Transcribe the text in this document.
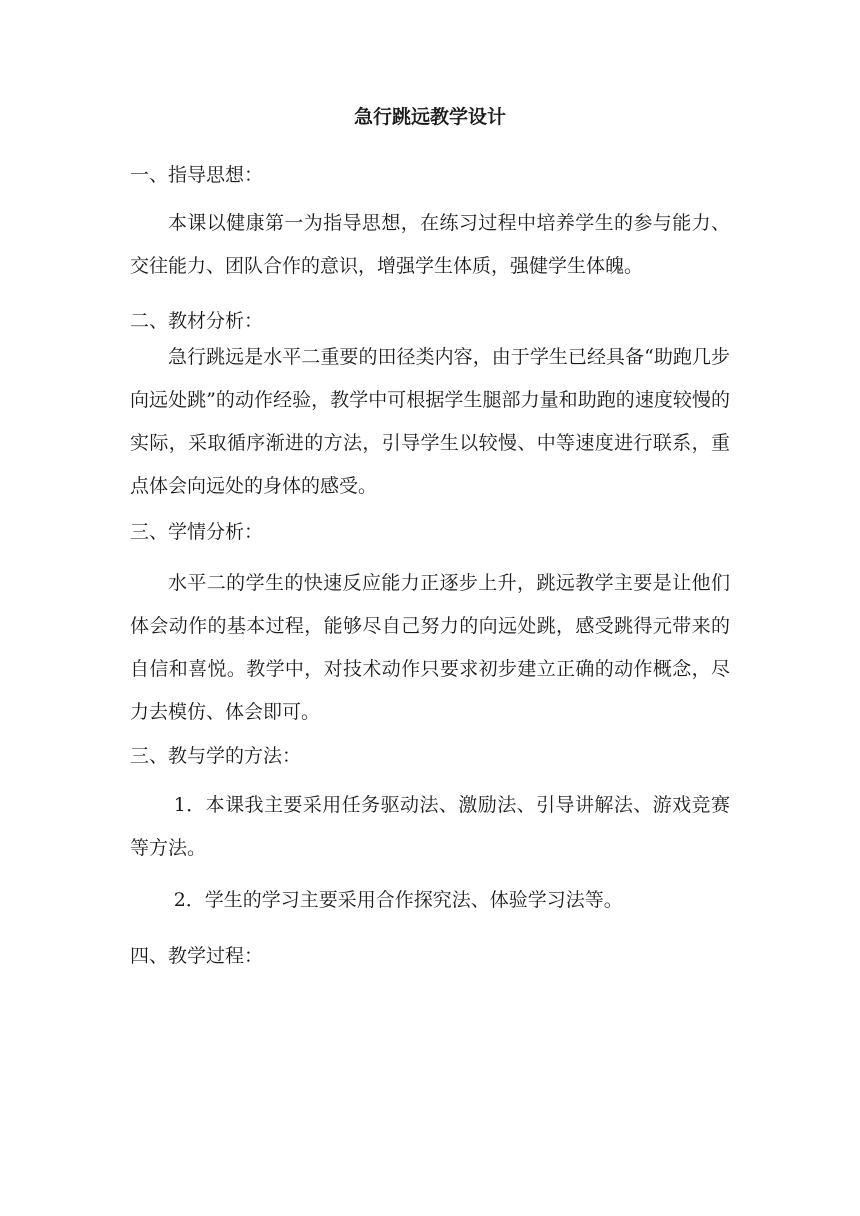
急行跳远教学设计
一、指导思想：
本课以健康第一为指导思想，在练习过程中培养学生的参与能力、交往能力、团队合作的意识，增强学生体质，强健学生体魄。
二、教材分析：
急行跳远是水平二重要的田径类内容，由于学生已经具备“助跑几步向远处跳”的动作经验，教学中可根据学生腿部力量和助跑的速度较慢的实际，采取循序渐进的方法，引导学生以较慢、中等速度进行联系，重点体会向远处的身体的感受。
三、学情分析：
水平二的学生的快速反应能力正逐步上升，跳远教学主要是让他们体会动作的基本过程，能够尽自己努力的向远处跳，感受跳得元带来的自信和喜悦。教学中，对技术动作只要求初步建立正确的动作概念，尽力去模仿、体会即可。
三、教与学的方法：
1．本课我主要采用任务驱动法、激励法、引导讲解法、游戏竞赛等方法。
2．学生的学习主要采用合作探究法、体验学习法等。
四、教学过程：
